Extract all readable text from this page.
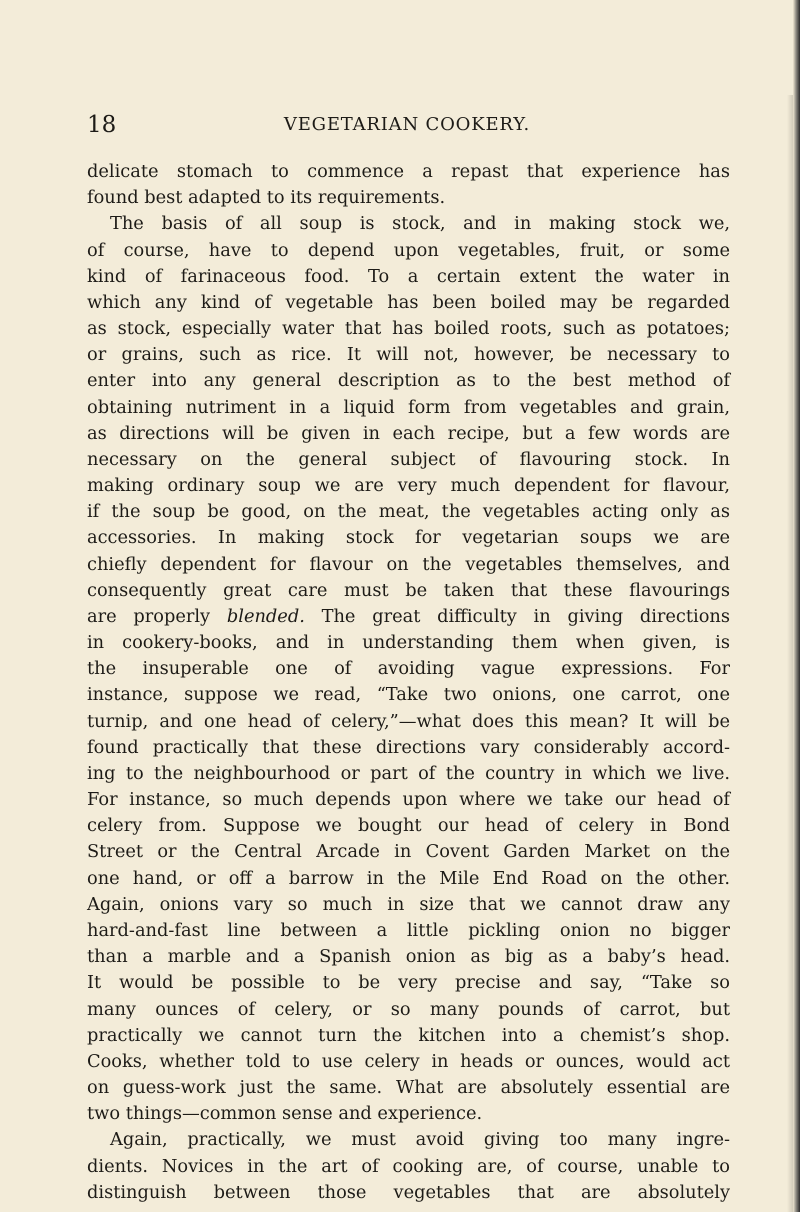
18	VEGETARIAN COOKERY.
delicate stomach to commence a repast that experience has
found best adapted to its requirements.
The basis of all soup is stock, and in making stock we,
of course, have to depend upon vegetables, fruit, or some
kind of farinaceous food. To a certain extent the water in
which any kind of vegetable has been boiled may be regarded
as stock, especially water that has boiled roots, such as potatoes;
or grains, such as rice. It will not, however, be necessary to
enter into any general description as to the best method of
obtaining nutriment in a liquid form from vegetables and grain,
as directions will be given in each recipe, but a few words are
necessary on the general subject of flavouring stock. In
making ordinary soup we are very much dependent for flavour,
if the soup be good, on the meat, the vegetables acting only as
accessories. In making stock for vegetarian soups we are
chiefly dependent for flavour on the vegetables themselves, and
consequently great care must be taken that these flavourings
are properly blended. The great difficulty in giving directions
in cookery-books, and in understanding them when given, is
the insuperable one of avoiding vague expressions. For
instance, suppose we read, “Take two onions, one carrot, one
turnip, and one head of celery,”—what does this mean? It will be
found practically that these directions vary considerably accord-
ing to the neighbourhood or part of the country in which we live.
For instance, so much depends upon where we take our head of
celery from. Suppose we bought our head of celery in Bond
Street or the Central Arcade in Covent Garden Market on the
one hand, or off a barrow in the Mile End Road on the other.
Again, onions vary so much in size that we cannot draw any
hard-and-fast line between a little pickling onion no bigger
than a marble and a Spanish onion as big as a baby’s head.
It would be possible to be very precise and say, “Take so
many ounces of celery, or so many pounds of carrot, but
practically we cannot turn the kitchen into a chemist’s shop.
Cooks, whether told to use celery in heads or ounces, would act
on guess-work just the same. What are absolutely essential are
two things—common sense and experience.
Again, practically, we must avoid giving too many ingre-
dients. Novices in the art of cooking are, of course, unable to
distinguish between those vegetables that are absolutely
